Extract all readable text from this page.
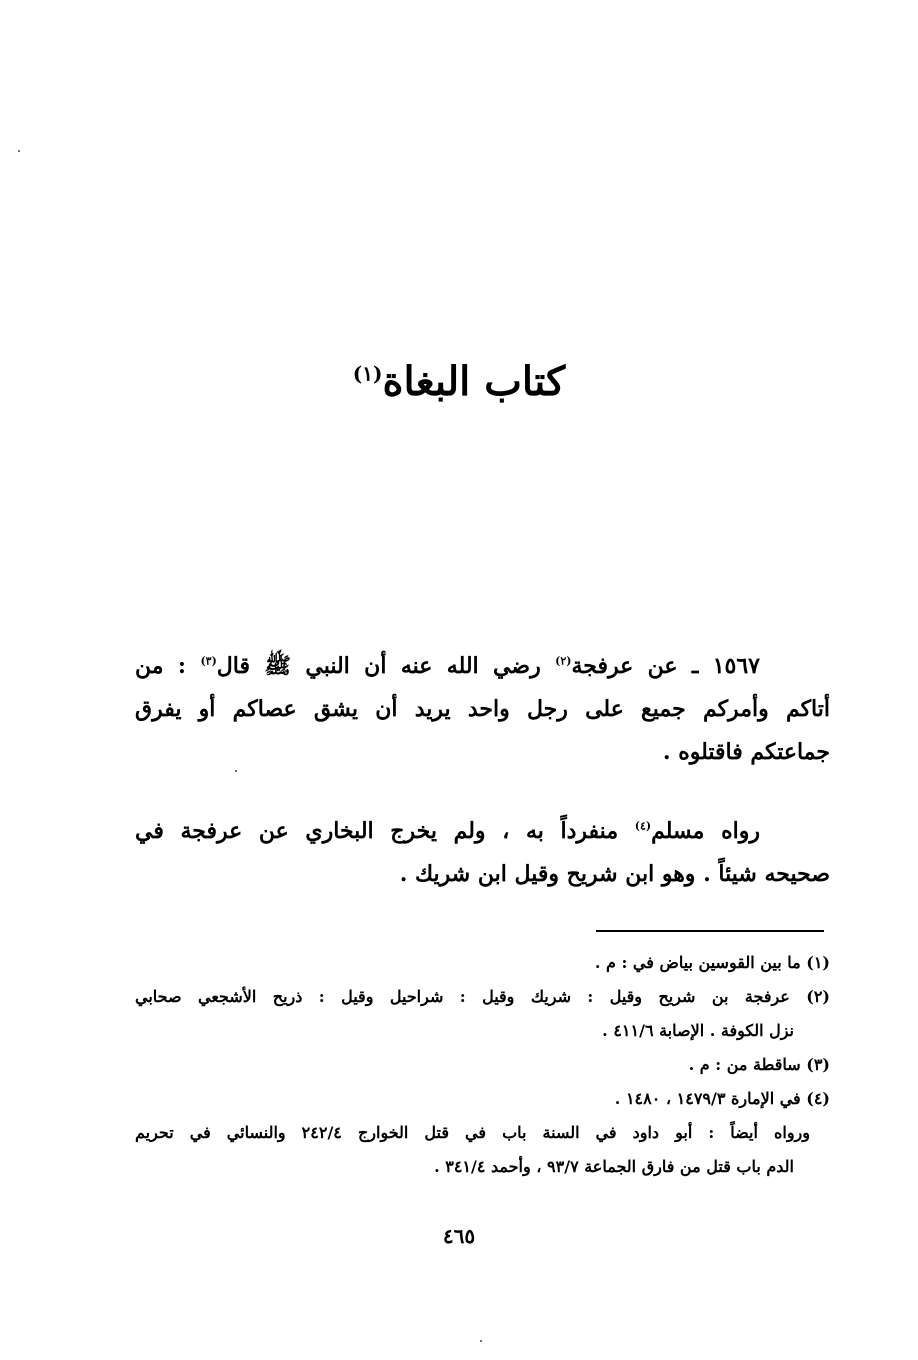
كتاب البغاة$^{(١)}$
١٥٦٧ ـ عن عرفجة$^{(٢)}$ رضي الله عنه أن النبي ﷺ قال$^{(٣)}$ : من
أتاكم وأمركم جميع على رجل واحد يريد أن يشق عصاكم أو يفرق
جماعتكم فاقتلوه .
رواه مسلم$^{(٤)}$ منفرداً به ، ولم يخرج البخاري عن عرفجة في
صحيحه شيئاً . وهو ابن شريح وقيل ابن شريك .
(١) ما بين القوسين بياض في : م .
(٢) عرفجة بن شريح وقيل : شريك وقيل : شراحيل وقيل : ذريح الأشجعي صحابي
نزل الكوفة . الإصابة ٤١١/٦ .
(٣) ساقطة من : م .
(٤) في الإمارة ١٤٧٩/٣ ، ١٤٨٠ .
ورواه أيضاً : أبو داود في السنة باب في قتل الخوارج ٢٤٢/٤ والنسائي في تحريم
الدم باب قتل من فارق الجماعة ٩٣/٧ ، وأحمد ٣٤١/٤ .
٤٦٥
